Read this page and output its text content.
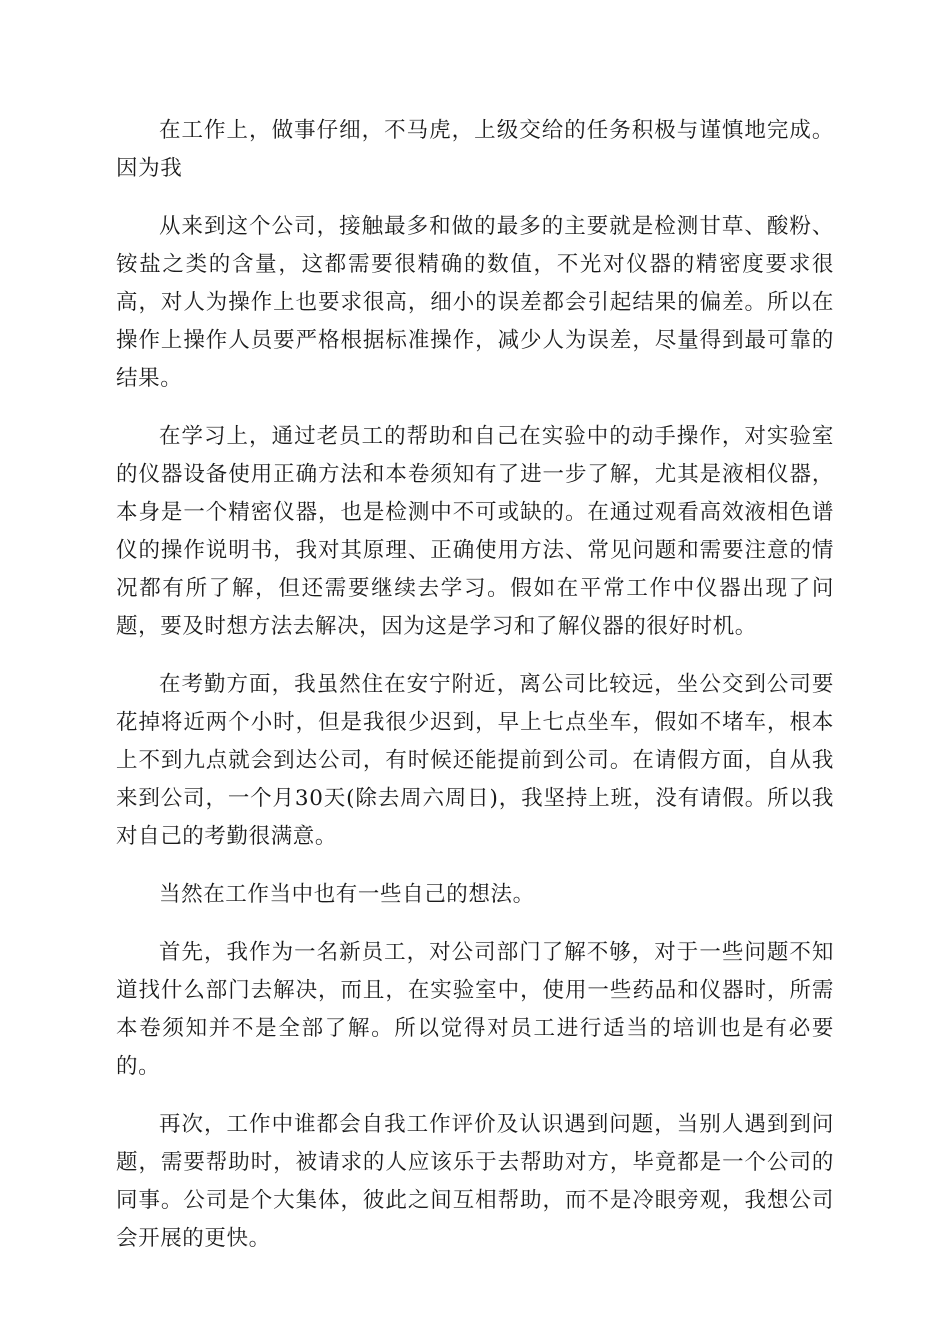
在工作上，做事仔细，不马虎，上级交给的任务积极与谨慎地完成。因为我

从来到这个公司，接触最多和做的最多的主要就是检测甘草、酸粉、铵盐之类的含量，这都需要很精确的数值，不光对仪器的精密度要求很高，对人为操作上也要求很高，细小的误差都会引起结果的偏差。所以在操作上操作人员要严格根据标准操作，减少人为误差，尽量得到最可靠的结果。

在学习上，通过老员工的帮助和自己在实验中的动手操作，对实验室的仪器设备使用正确方法和本卷须知有了进一步了解，尤其是液相仪器，本身是一个精密仪器，也是检测中不可或缺的。在通过观看高效液相色谱仪的操作说明书，我对其原理、正确使用方法、常见问题和需要注意的情况都有所了解，但还需要继续去学习。假如在平常工作中仪器出现了问题，要及时想方法去解决，因为这是学习和了解仪器的很好时机。

在考勤方面，我虽然住在安宁附近，离公司比较远，坐公交到公司要花掉将近两个小时，但是我很少迟到，早上七点坐车，假如不堵车，根本上不到九点就会到达公司，有时候还能提前到公司。在请假方面，自从我来到公司，一个月30天(除去周六周日)，我坚持上班，没有请假。所以我对自己的考勤很满意。

当然在工作当中也有一些自己的想法。

首先，我作为一名新员工，对公司部门了解不够，对于一些问题不知道找什么部门去解决，而且，在实验室中，使用一些药品和仪器时，所需本卷须知并不是全部了解。所以觉得对员工进行适当的培训也是有必要的。

再次，工作中谁都会自我工作评价及认识遇到问题，当别人遇到到问题，需要帮助时，被请求的人应该乐于去帮助对方，毕竟都是一个公司的同事。公司是个大集体，彼此之间互相帮助，而不是冷眼旁观，我想公司会开展的更快。
